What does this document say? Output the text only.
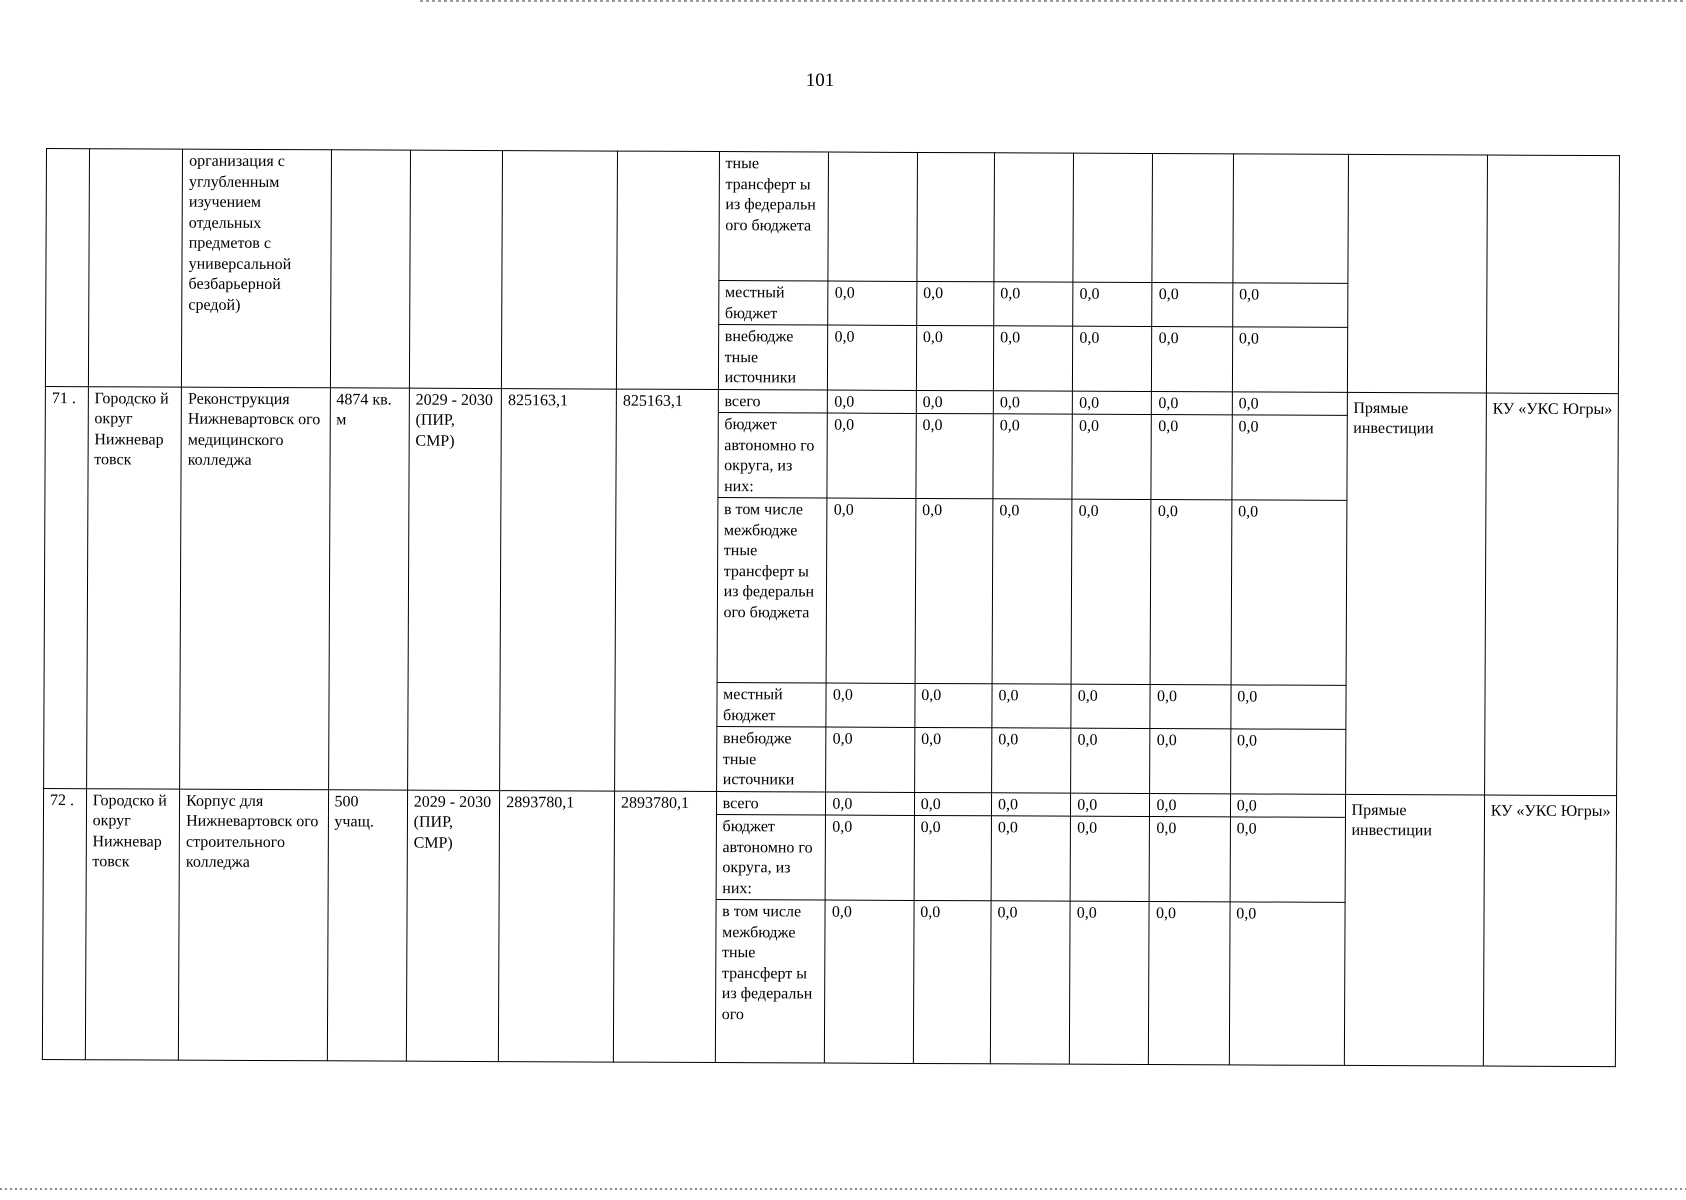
101
		организация с углубленным изучением отдельных предметов с универсальной безбарьерной средой)					тные трансферт ы из федеральн ого бюджета								
							местный бюджет	0,0	0,0	0,0	0,0	0,0	0,0		
							внебюдже тные источники	0,0	0,0	0,0	0,0	0,0	0,0		
71 .	Городско й округ Нижневар товск	Реконструкция Нижневартовск ого медицинского колледжа	4874 кв. м	2029 - 2030 (ПИР, СМР)	825163,1	825163,1	всего	0,0	0,0	0,0	0,0	0,0	0,0	Прямые инвестиции	КУ «УКС Югры»
							бюджет автономно го округа, из них:	0,0	0,0	0,0	0,0	0,0	0,0		
							в том числе межбюдже тные трансферт ы из федеральн ого бюджета	0,0	0,0	0,0	0,0	0,0	0,0		
							местный бюджет	0,0	0,0	0,0	0,0	0,0	0,0		
							внебюдже тные источники	0,0	0,0	0,0	0,0	0,0	0,0		
72 .	Городско й округ Нижневар товск	Корпус для Нижневартовск ого строительного колледжа	500 учащ.	2029 - 2030 (ПИР, СМР)	2893780,1	2893780,1	всего	0,0	0,0	0,0	0,0	0,0	0,0	Прямые инвестиции	КУ «УКС Югры»
							бюджет автономно го округа, из них:	0,0	0,0	0,0	0,0	0,0	0,0		
							в том числе межбюдже тные трансферт ы из федеральн ого	0,0	0,0	0,0	0,0	0,0	0,0		
